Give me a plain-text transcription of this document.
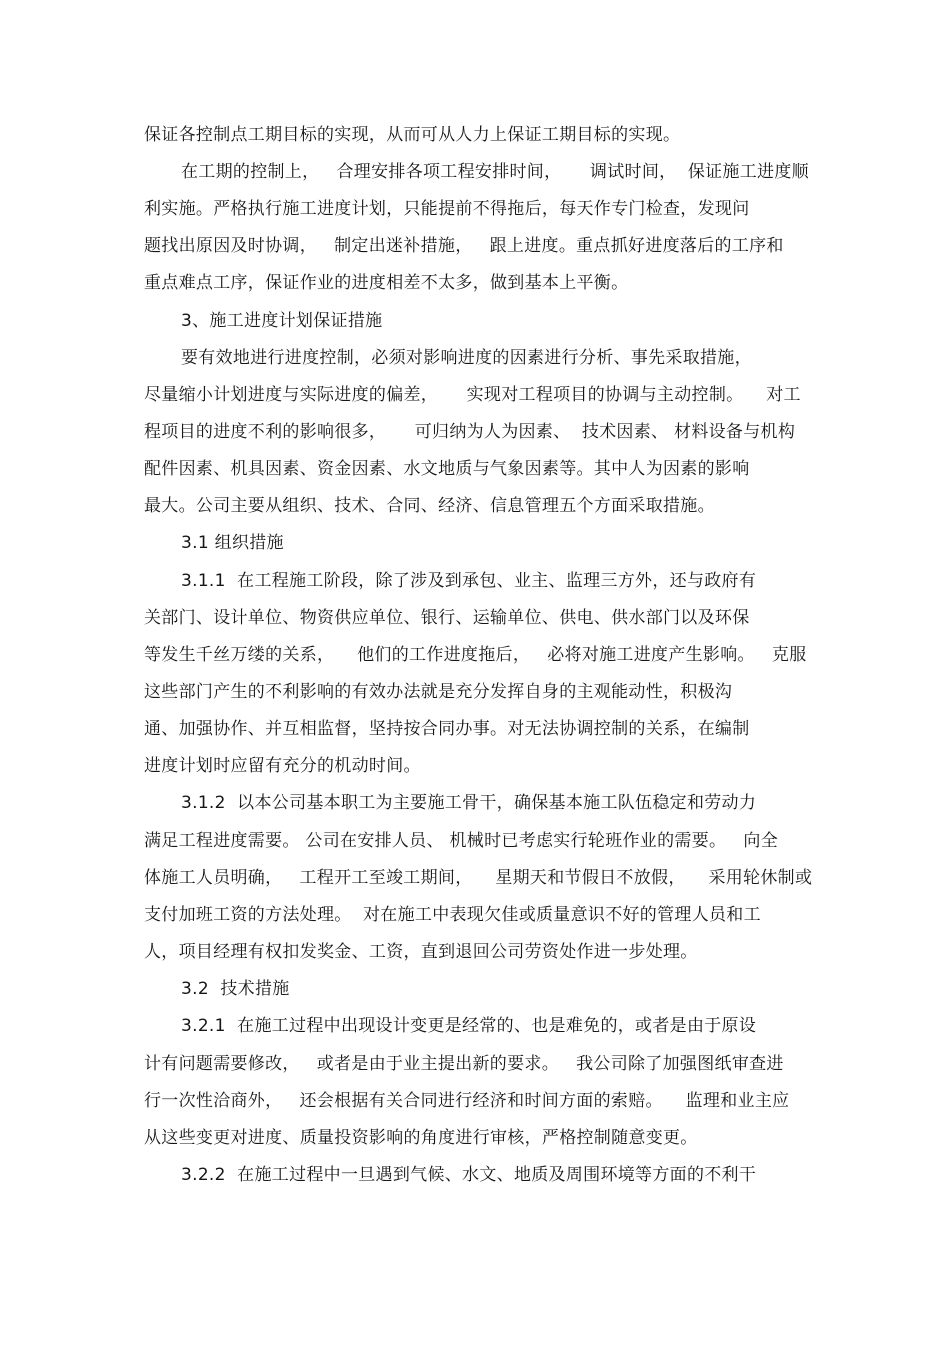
保证各控制点工期目标的实现，从而可从人力上保证工期目标的实现。
在工期的控制上，   合理安排各项工程安排时间，     调试时间，  保证施工进度顺
利实施。严格执行施工进度计划，只能提前不得拖后，每天作专门检查，发现问
题找出原因及时协调，   制定出迷补措施，   跟上进度。重点抓好进度落后的工序和
重点难点工序，保证作业的进度相差不太多，做到基本上平衡。
3、施工进度计划保证措施
要有效地进行进度控制，必须对影响进度的因素进行分析、事先采取措施，
尽量缩小计划进度与实际进度的偏差，     实现对工程项目的协调与主动控制。    对工
程项目的进度不利的影响很多，     可归纳为人为因素、  技术因素、 材料设备与机构
配件因素、机具因素、资金因素、水文地质与气象因素等。其中人为因素的影响
最大。公司主要从组织、技术、合同、经济、信息管理五个方面采取措施。
3.1 组织措施
3.1.1  在工程施工阶段，除了涉及到承包、业主、监理三方外，还与政府有
关部门、设计单位、物资供应单位、银行、运输单位、供电、供水部门以及环保
等发生千丝万缕的关系，    他们的工作进度拖后，   必将对施工进度产生影响。   克服
这些部门产生的不利影响的有效办法就是充分发挥自身的主观能动性，积极沟
通、加强协作、并互相监督，坚持按合同办事。对无法协调控制的关系，在编制
进度计划时应留有充分的机动时间。
3.1.2  以本公司基本职工为主要施工骨干，确保基本施工队伍稳定和劳动力
满足工程进度需要。 公司在安排人员、 机械时已考虑实行轮班作业的需要。   向全
体施工人员明确，   工程开工至竣工期间，    星期天和节假日不放假，    采用轮休制或
支付加班工资的方法处理。  对在施工中表现欠佳或质量意识不好的管理人员和工
人，项目经理有权扣发奖金、工资，直到退回公司劳资处作进一步处理。
3.2  技术措施
3.2.1  在施工过程中出现设计变更是经常的、也是难免的，或者是由于原设
计有问题需要修改，   或者是由于业主提出新的要求。   我公司除了加强图纸审查进
行一次性洽商外，   还会根据有关合同进行经济和时间方面的索赔。    监理和业主应
从这些变更对进度、质量投资影响的角度进行审核，严格控制随意变更。
3.2.2  在施工过程中一旦遇到气候、水文、地质及周围环境等方面的不利干
